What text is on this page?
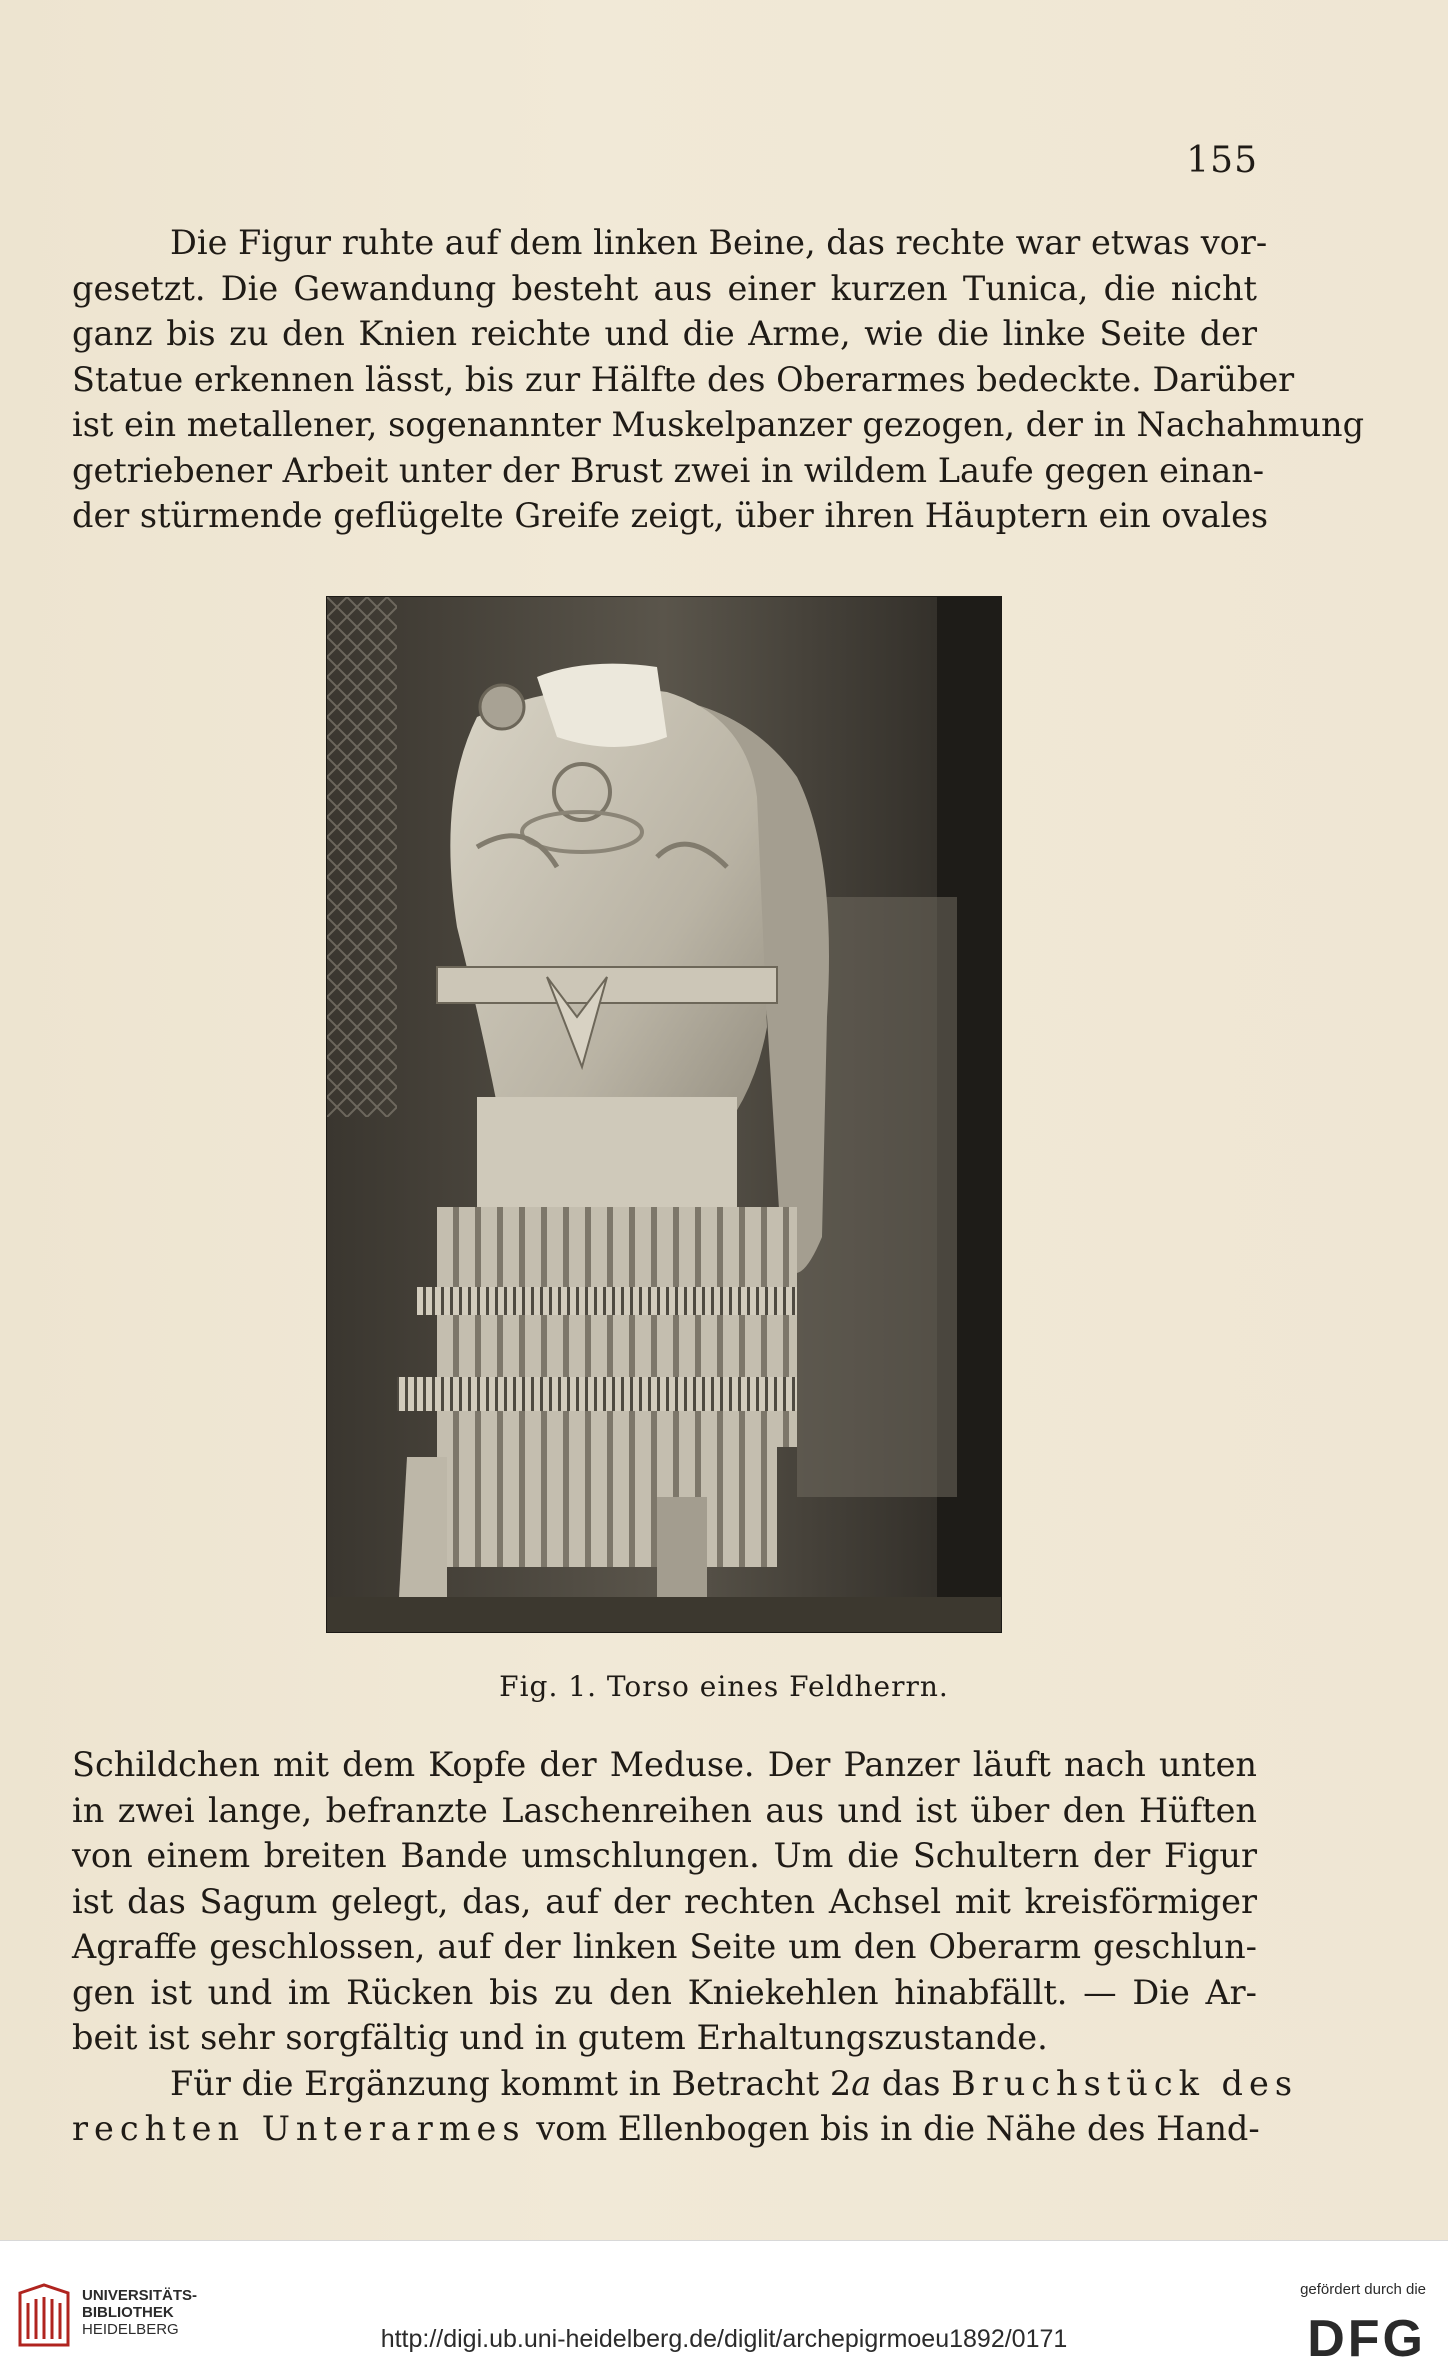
155
Die Figur ruhte auf dem linken Beine, das rechte war etwas vor-
gesetzt. Die Gewandung besteht aus einer kurzen Tunica, die nicht
ganz bis zu den Knien reichte und die Arme, wie die linke Seite der
Statue erkennen lässt, bis zur Hälfte des Oberarmes bedeckte. Darüber
ist ein metallener, sogenannter Muskelpanzer gezogen, der in Nachahmung
getriebener Arbeit unter der Brust zwei in wildem Laufe gegen einan-
der stürmende geflügelte Greife zeigt, über ihren Häuptern ein ovales
Fig. 1. Torso eines Feldherrn.
Schildchen mit dem Kopfe der Meduse. Der Panzer läuft nach unten
in zwei lange, befranzte Laschenreihen aus und ist über den Hüften
von einem breiten Bande umschlungen. Um die Schultern der Figur
ist das Sagum gelegt, das, auf der rechten Achsel mit kreisförmiger
Agraffe geschlossen, auf der linken Seite um den Oberarm geschlun-
gen ist und im Rücken bis zu den Kniekehlen hinabfällt. — Die Ar-
beit ist sehr sorgfältig und in gutem Erhaltungszustande.
Für die Ergänzung kommt in Betracht 2a das Bruchstück des
rechten Unterarmes vom Ellenbogen bis in die Nähe des Hand-
UNIVERSITÄTS-
BIBLIOTHEK
HEIDELBERG	http://digi.ub.uni-heidelberg.de/diglit/archepigrmoeu1892/0171
gefördert durch die
DFG
